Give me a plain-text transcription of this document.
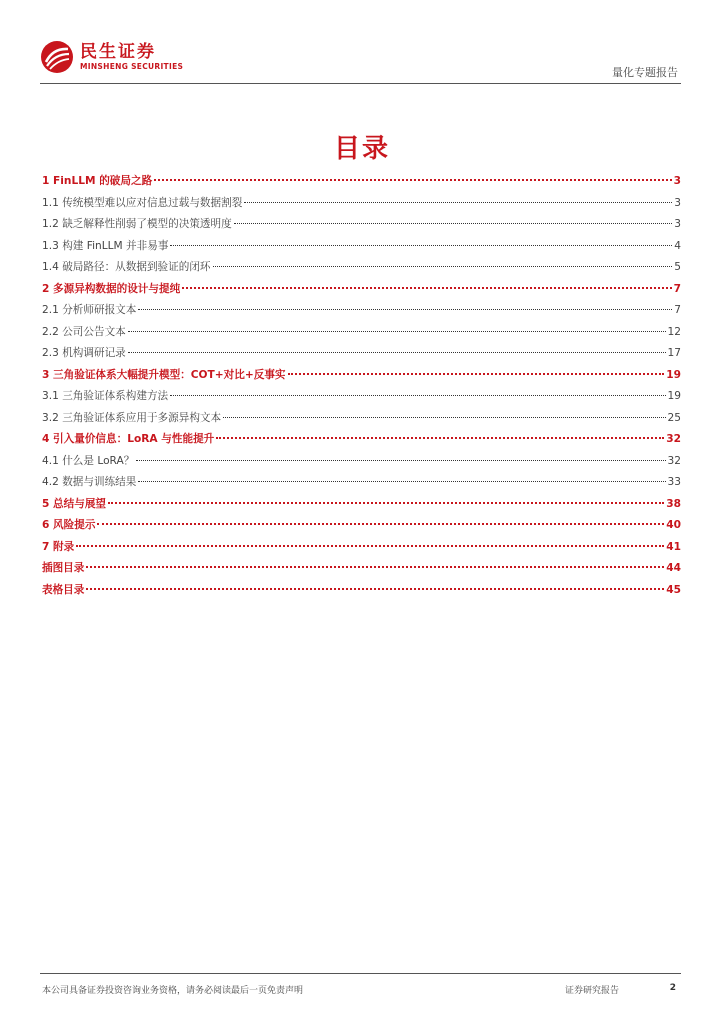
民生证券
MINSHENG SECURITIES	量化专题报告
目录
1 FinLLM 的破局之路	3
1.1 传统模型难以应对信息过载与数据割裂	3
1.2 缺乏解释性削弱了模型的决策透明度	3
1.3 构建 FinLLM 并非易事	4
1.4 破局路径：从数据到验证的闭环	5
2 多源异构数据的设计与提纯	7
2.1 分析师研报文本	7
2.2 公司公告文本	12
2.3 机构调研记录	17
3 三角验证体系大幅提升模型：COT+对比+反事实	19
3.1 三角验证体系构建方法	19
3.2 三角验证体系应用于多源异构文本	25
4 引入量价信息：LoRA 与性能提升	32
4.1 什么是 LoRA？	32
4.2 数据与训练结果	33
5 总结与展望	38
6 风险提示	40
7 附录	41
插图目录	44
表格目录	45
本公司具备证券投资咨询业务资格，请务必阅读最后一页免责声明	证券研究报告	2
